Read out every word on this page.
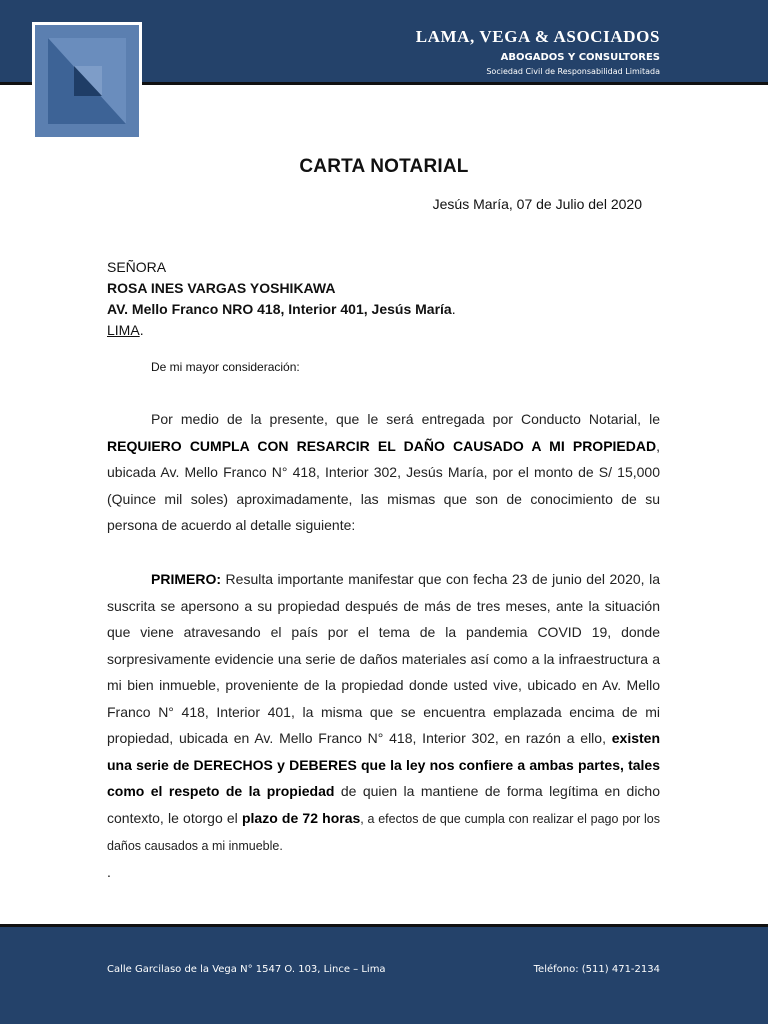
LAMA, VEGA & ASOCIADOS
ABOGADOS Y CONSULTORES
Sociedad Civil de Responsabilidad Limitada
CARTA NOTARIAL
Jesús María, 07 de Julio del 2020
SEÑORA
ROSA INES VARGAS YOSHIKAWA
AV. Mello Franco NRO 418, Interior 401, Jesús María.
LIMA.
De mi mayor consideración:
Por medio de la presente, que le será entregada por Conducto Notarial, le REQUIERO CUMPLA CON RESARCIR EL DAÑO CAUSADO A MI PROPIEDAD, ubicada Av. Mello Franco N° 418, Interior 302, Jesús María, por el monto de S/ 15,000 (Quince mil soles) aproximadamente, las mismas que son de conocimiento de su persona de acuerdo al detalle siguiente:
PRIMERO: Resulta importante manifestar que con fecha 23 de junio del 2020, la suscrita se apersono a su propiedad después de más de tres meses, ante la situación que viene atravesando el país por el tema de la pandemia COVID 19, donde sorpresivamente evidencie una serie de daños materiales así como a la infraestructura a mi bien inmueble, proveniente de la propiedad donde usted vive, ubicado en Av. Mello Franco N° 418, Interior 401, la misma que se encuentra emplazada encima de mi propiedad, ubicada en Av. Mello Franco N° 418, Interior 302, en razón a ello, existen una serie de DERECHOS y DEBERES que la ley nos confiere a ambas partes, tales como el respeto de la propiedad de quien la mantiene de forma legítima en dicho contexto, le otorgo el plazo de 72 horas, a efectos de que cumpla con realizar el pago por los daños causados a mi inmueble.
.
Calle Garcilaso de la Vega N° 1547 O. 103, Lince – Lima	Teléfono: (511) 471-2134
